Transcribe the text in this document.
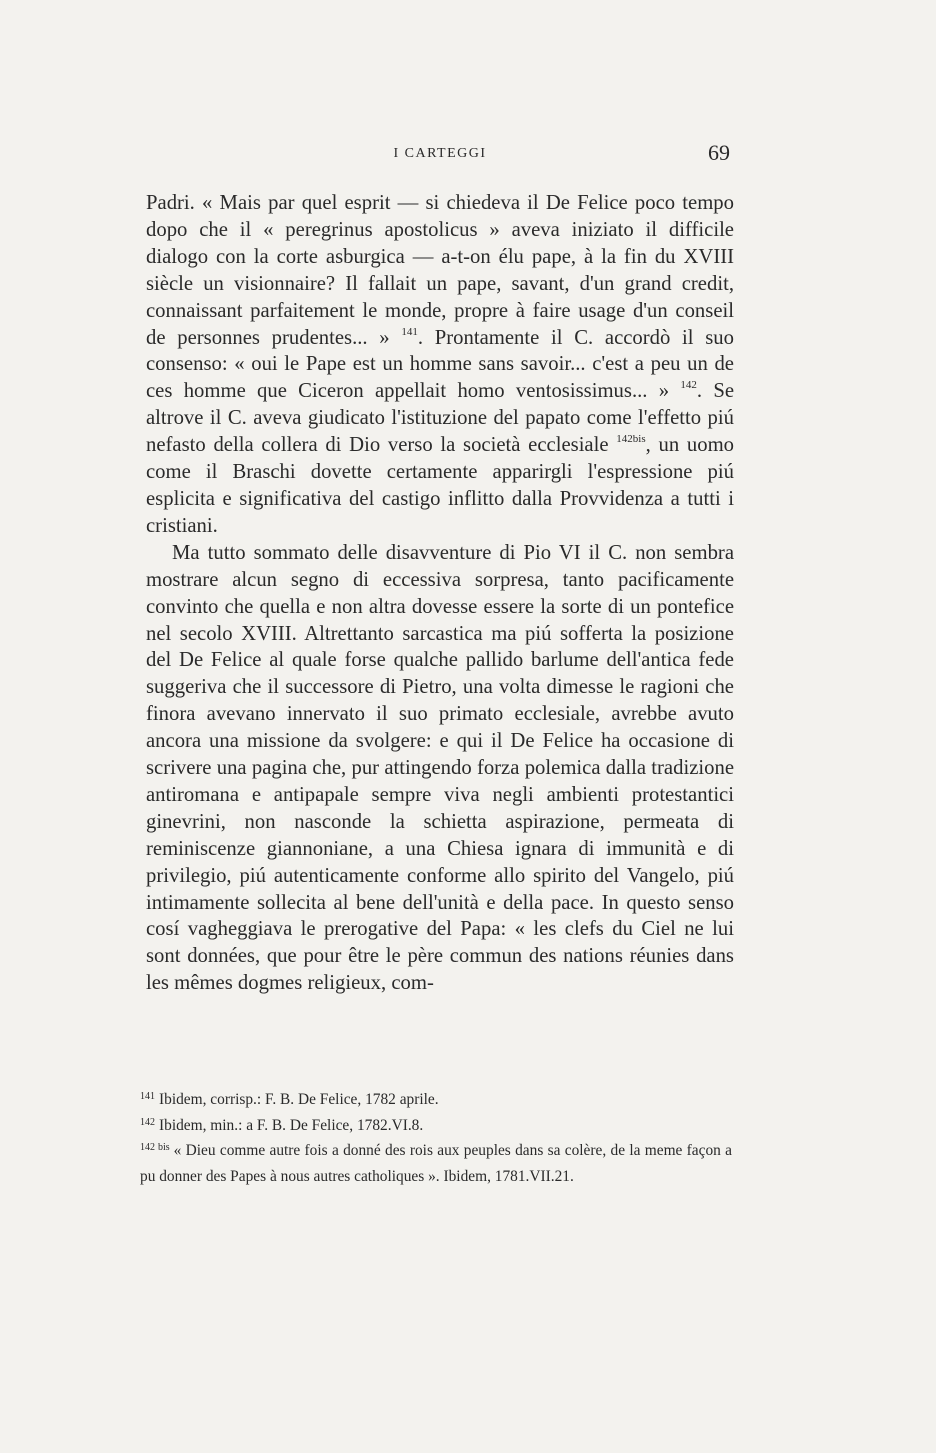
I CARTEGGI	69

Padri. « Mais par quel esprit — si chiedeva il De Felice poco tempo dopo che il « peregrinus apostolicus » aveva iniziato il difficile dialogo con la corte asburgica — a-t-on élu pape, à la fin du XVIII siècle un visionnaire? Il fallait un pape, savant, d'un grand credit, connaissant parfaitement le monde, propre à faire usage d'un conseil de personnes prudentes... » $^{141}$. Prontamente il C. accordò il suo consenso: « oui le Pape est un homme sans savoir... c'est a peu un de ces homme que Ciceron appellait homo ventosissimus... » $^{142}$. Se altrove il C. aveva giudicato l'istituzione del papato come l'effetto piú nefasto della collera di Dio verso la società ecclesiale $^{142bis}$, un uomo come il Braschi dovette certamente apparirgli l'espressione piú esplicita e significativa del castigo inflitto dalla Provvidenza a tutti i cristiani.

Ma tutto sommato delle disavventure di Pio VI il C. non sembra mostrare alcun segno di eccessiva sorpresa, tanto pacificamente convinto che quella e non altra dovesse essere la sorte di un pontefice nel secolo XVIII. Altrettanto sarcastica ma piú sofferta la posizione del De Felice al quale forse qualche pallido barlume dell'antica fede suggeriva che il successore di Pietro, una volta dimesse le ragioni che finora avevano innervato il suo primato ecclesiale, avrebbe avuto ancora una missione da svolgere: e qui il De Felice ha occasione di scrivere una pagina che, pur attingendo forza polemica dalla tradizione antiromana e antipapale sempre viva negli ambienti protestantici ginevrini, non nasconde la schietta aspirazione, permeata di reminiscenze giannoniane, a una Chiesa ignara di immunità e di privilegio, piú autenticamente conforme allo spirito del Vangelo, piú intimamente sollecita al bene dell'unità e della pace. In questo senso cosí vagheggiava le prerogative del Papa: « les clefs du Ciel ne lui sont données, que pour être le père commun des nations réunies dans les mêmes dogmes religieux, com-

$^{141}$ Ibidem, corrisp.: F. B. De Felice, 1782 aprile.

$^{142}$ Ibidem, min.: a F. B. De Felice, 1782.VI.8.

$^{142 bis}$ « Dieu comme autre fois a donné des rois aux peuples dans sa colère, de la meme façon a pu donner des Papes à nous autres catholiques ». Ibidem, 1781.VII.21.
